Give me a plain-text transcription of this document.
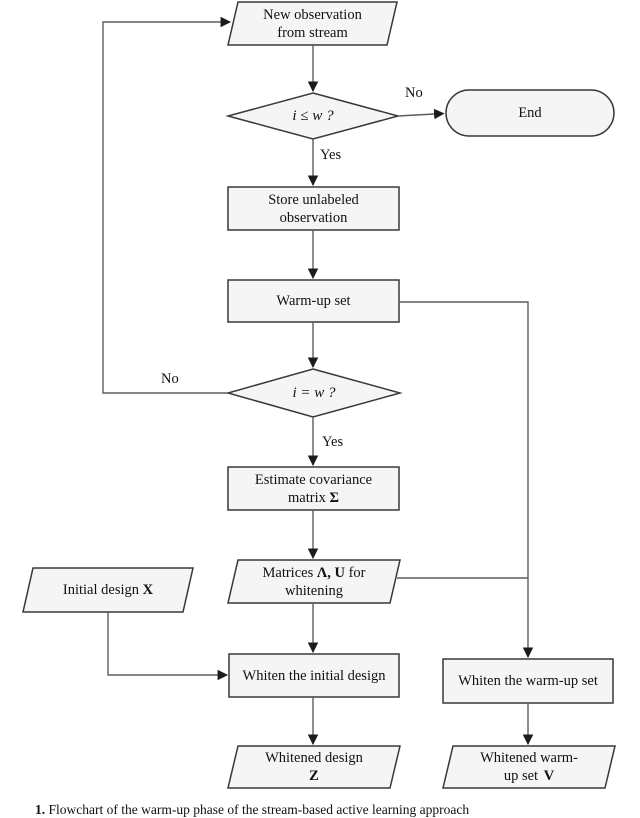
New observation
from stream
i ≤ w ?	End
Store unlabeled
observation
Warm-up set
i = w ?
Estimate covariance
matrix Σ
Matrices Λ, U for
whitening
Initial design X
Whiten the initial design	Whiten the warm-up set
Whitened design
Z
Whitened warm-
up set V
No
Yes
No
Yes
1. Flowchart of the warm-up phase of the stream-based active learning approach
